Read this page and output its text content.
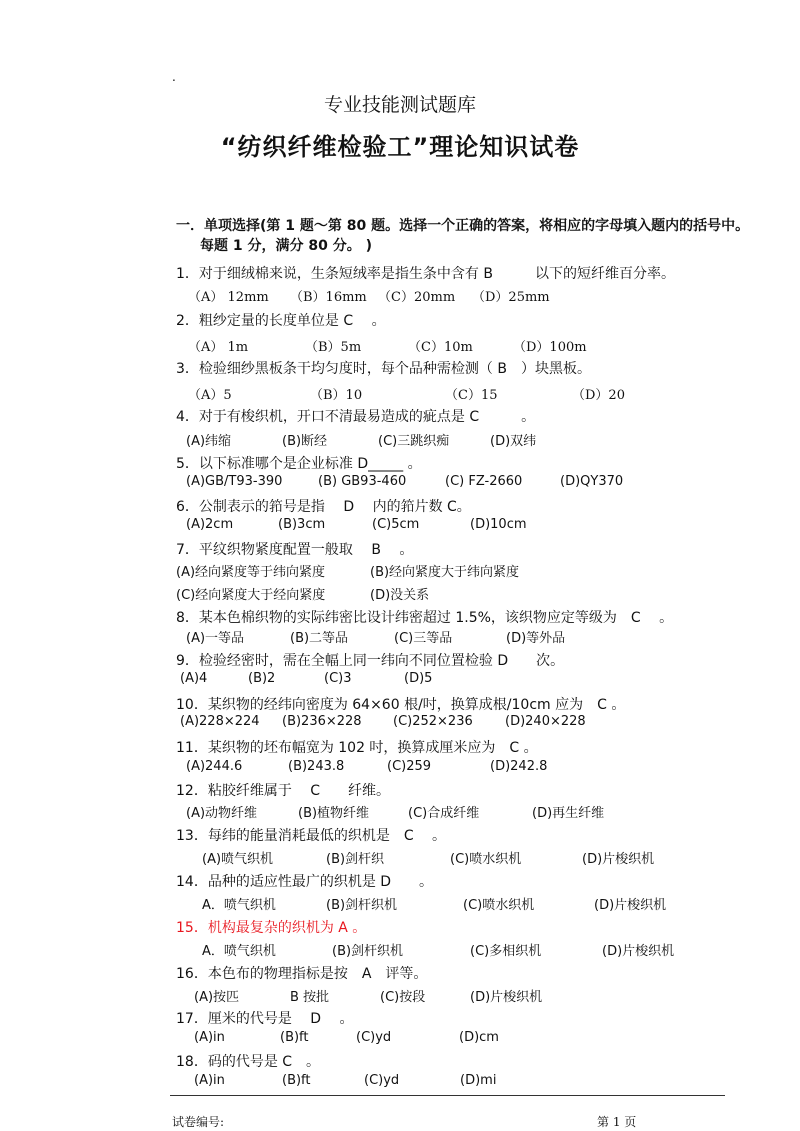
.
专业技能测试题库
“纺织纤维检验工”理论知识试卷
一．单项选择(第 1 题～第 80 题。选择一个正确的答案，将相应的字母填入题内的括号中。
每题 1 分，满分 80 分。 )
1．对于细绒棉来说，生条短绒率是指生条中含有 B　　　以下的短纤维百分率。
（A） 12mm （B）16mm （C）20mm （D）25mm
2．粗纱定量的长度单位是 C　 。
（A） 1m	（B）5m	（C）10m	（D）100m
3．检验细纱黑板条干均匀度时，每个品种需检测（ B　）块黑板。
（A）5	（B）10	（C）15	（D）20
4．对于有梭织机，开口不清最易造成的疵点是 C　　　。
(A)纬缩	(B)断经	(C)三跳织痴	(D)双纬
5．以下标准哪个是企业标准 D_____ 。
(A)GB/T93-390	(B) GB93-460	(C) FZ-2660	(D)QY370
6．公制表示的筘号是指　 D　 内的筘片数 C。
(A)2cm	(B)3cm	(C)5cm	(D)10cm
7．平纹织物紧度配置一般取　 B　 。
(A)经向紧度等于纬向紧度	(B)经向紧度大于纬向紧度
(C)经向紧度大于经向紧度	(D)没关系
8．某本色棉织物的实际纬密比设计纬密超过 1.5%，该织物应定等级为　C　 。
(A)一等品	(B)二等品	(C)三等品	(D)等外品
9．检验经密时，需在全幅上同一纬向不同位置检验 D　　次。
(A)4	(B)2	(C)3	(D)5
10．某织物的经纬向密度为 64×60 根/吋，换算成根/10cm 应为　C 。
(A)228×224 (B)236×228 (C)252×236 (D)240×228
11．某织物的坯布幅宽为 102 吋，换算成厘米应为　C 。
(A)244.6	(B)243.8	(C)259	(D)242.8
12．粘胶纤维属于　 C　　纤维。
(A)动物纤维	(B)植物纤维	(C)合成纤维	(D)再生纤维
13．每纬的能量消耗最低的织机是　C　 。
(A)喷气织机	(B)剑杆织	(C)喷水织机	(D)片梭织机
14．品种的适应性最广的织机是 D　　。
A．喷气织机	(B)剑杆织机	(C)喷水织机	(D)片梭织机
15．机构最复杂的织机为 A 。
A．喷气织机	(B)剑杆织机	(C)多相织机	(D)片梭织机
16．本色布的物理指标是按　A　评等。
(A)按匹	B 按批	(C)按段	(D)片梭织机
17．厘米的代号是　 D　 。
(A)in	(B)ft	(C)yd	(D)cm
18．码的代号是 C　。
(A)in	(B)ft	(C)yd	(D)mi
试卷编号:	第 1 页
